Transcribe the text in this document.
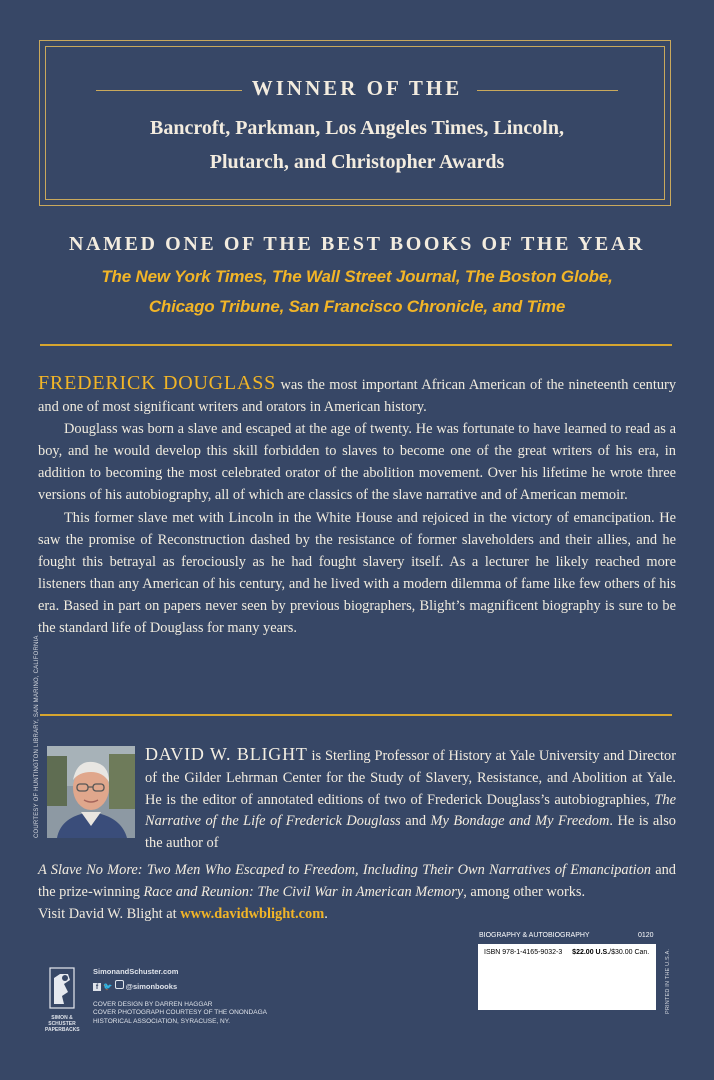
WINNER OF THE
Bancroft, Parkman, Los Angeles Times, Lincoln,
Plutarch, and Christopher Awards
NAMED ONE OF THE BEST BOOKS OF THE YEAR
The New York Times, The Wall Street Journal, The Boston Globe,
Chicago Tribune, San Francisco Chronicle, and Time

FREDERICK DOUGLASS was the most important African American of the nineteenth century and one of most significant writers and orators in American history.

Douglass was born a slave and escaped at the age of twenty. He was fortunate to have learned to read as a boy, and he would develop this skill forbidden to slaves to become one of the great writers of his era, in addition to becoming the most celebrated orator of the abolition movement. Over his lifetime he wrote three versions of his autobiography, all of which are classics of the slave narrative and of American memoir.

This former slave met with Lincoln in the White House and rejoiced in the victory of emancipation. He saw the promise of Reconstruction dashed by the resistance of former slaveholders and their allies, and he fought this betrayal as ferociously as he had fought slavery itself. As a lecturer he likely reached more listeners than any American of his century, and he lived with a modern dilemma of fame like few others of his era. Based in part on papers never seen by previous biographers, Blight’s magnificent biography is sure to be the standard life of Douglass for many years.

COURTESY OF HUNTINGTON LIBRARY, SAN MARINO, CALIFORNIA	DAVID W. BLIGHT is Sterling Professor of History at Yale University and Director of the Gilder Lehrman Center for the Study of Slavery, Resistance, and Abolition at Yale. He is the editor of annotated editions of two of Frederick Douglass’s autobiographies, The Narrative of the Life of Frederick Douglass and My Bondage and My Freedom. He is also the author of
A Slave No More: Two Men Who Escaped to Freedom, Including Their Own Narratives of Emancipation and the prize-winning Race and Reunion: The Civil War in American Memory, among other works.
Visit David W. Blight at www.davidwblight.com.
SIMON &
SCHUSTER
PAPERBACKS
SimonandSchuster.com
f 🐦 @simonbooks
COVER DESIGN BY DARREN HAGGAR
COVER PHOTOGRAPH COURTESY OF THE ONONDAGA
HISTORICAL ASSOCIATION, SYRACUSE, NY.
BIOGRAPHY & AUTOBIOGRAPHY	0120
ISBN 978-1-4165-9032-3 $22.00 U.S./$30.00 Can.	PRINTED IN THE U.S.A.
